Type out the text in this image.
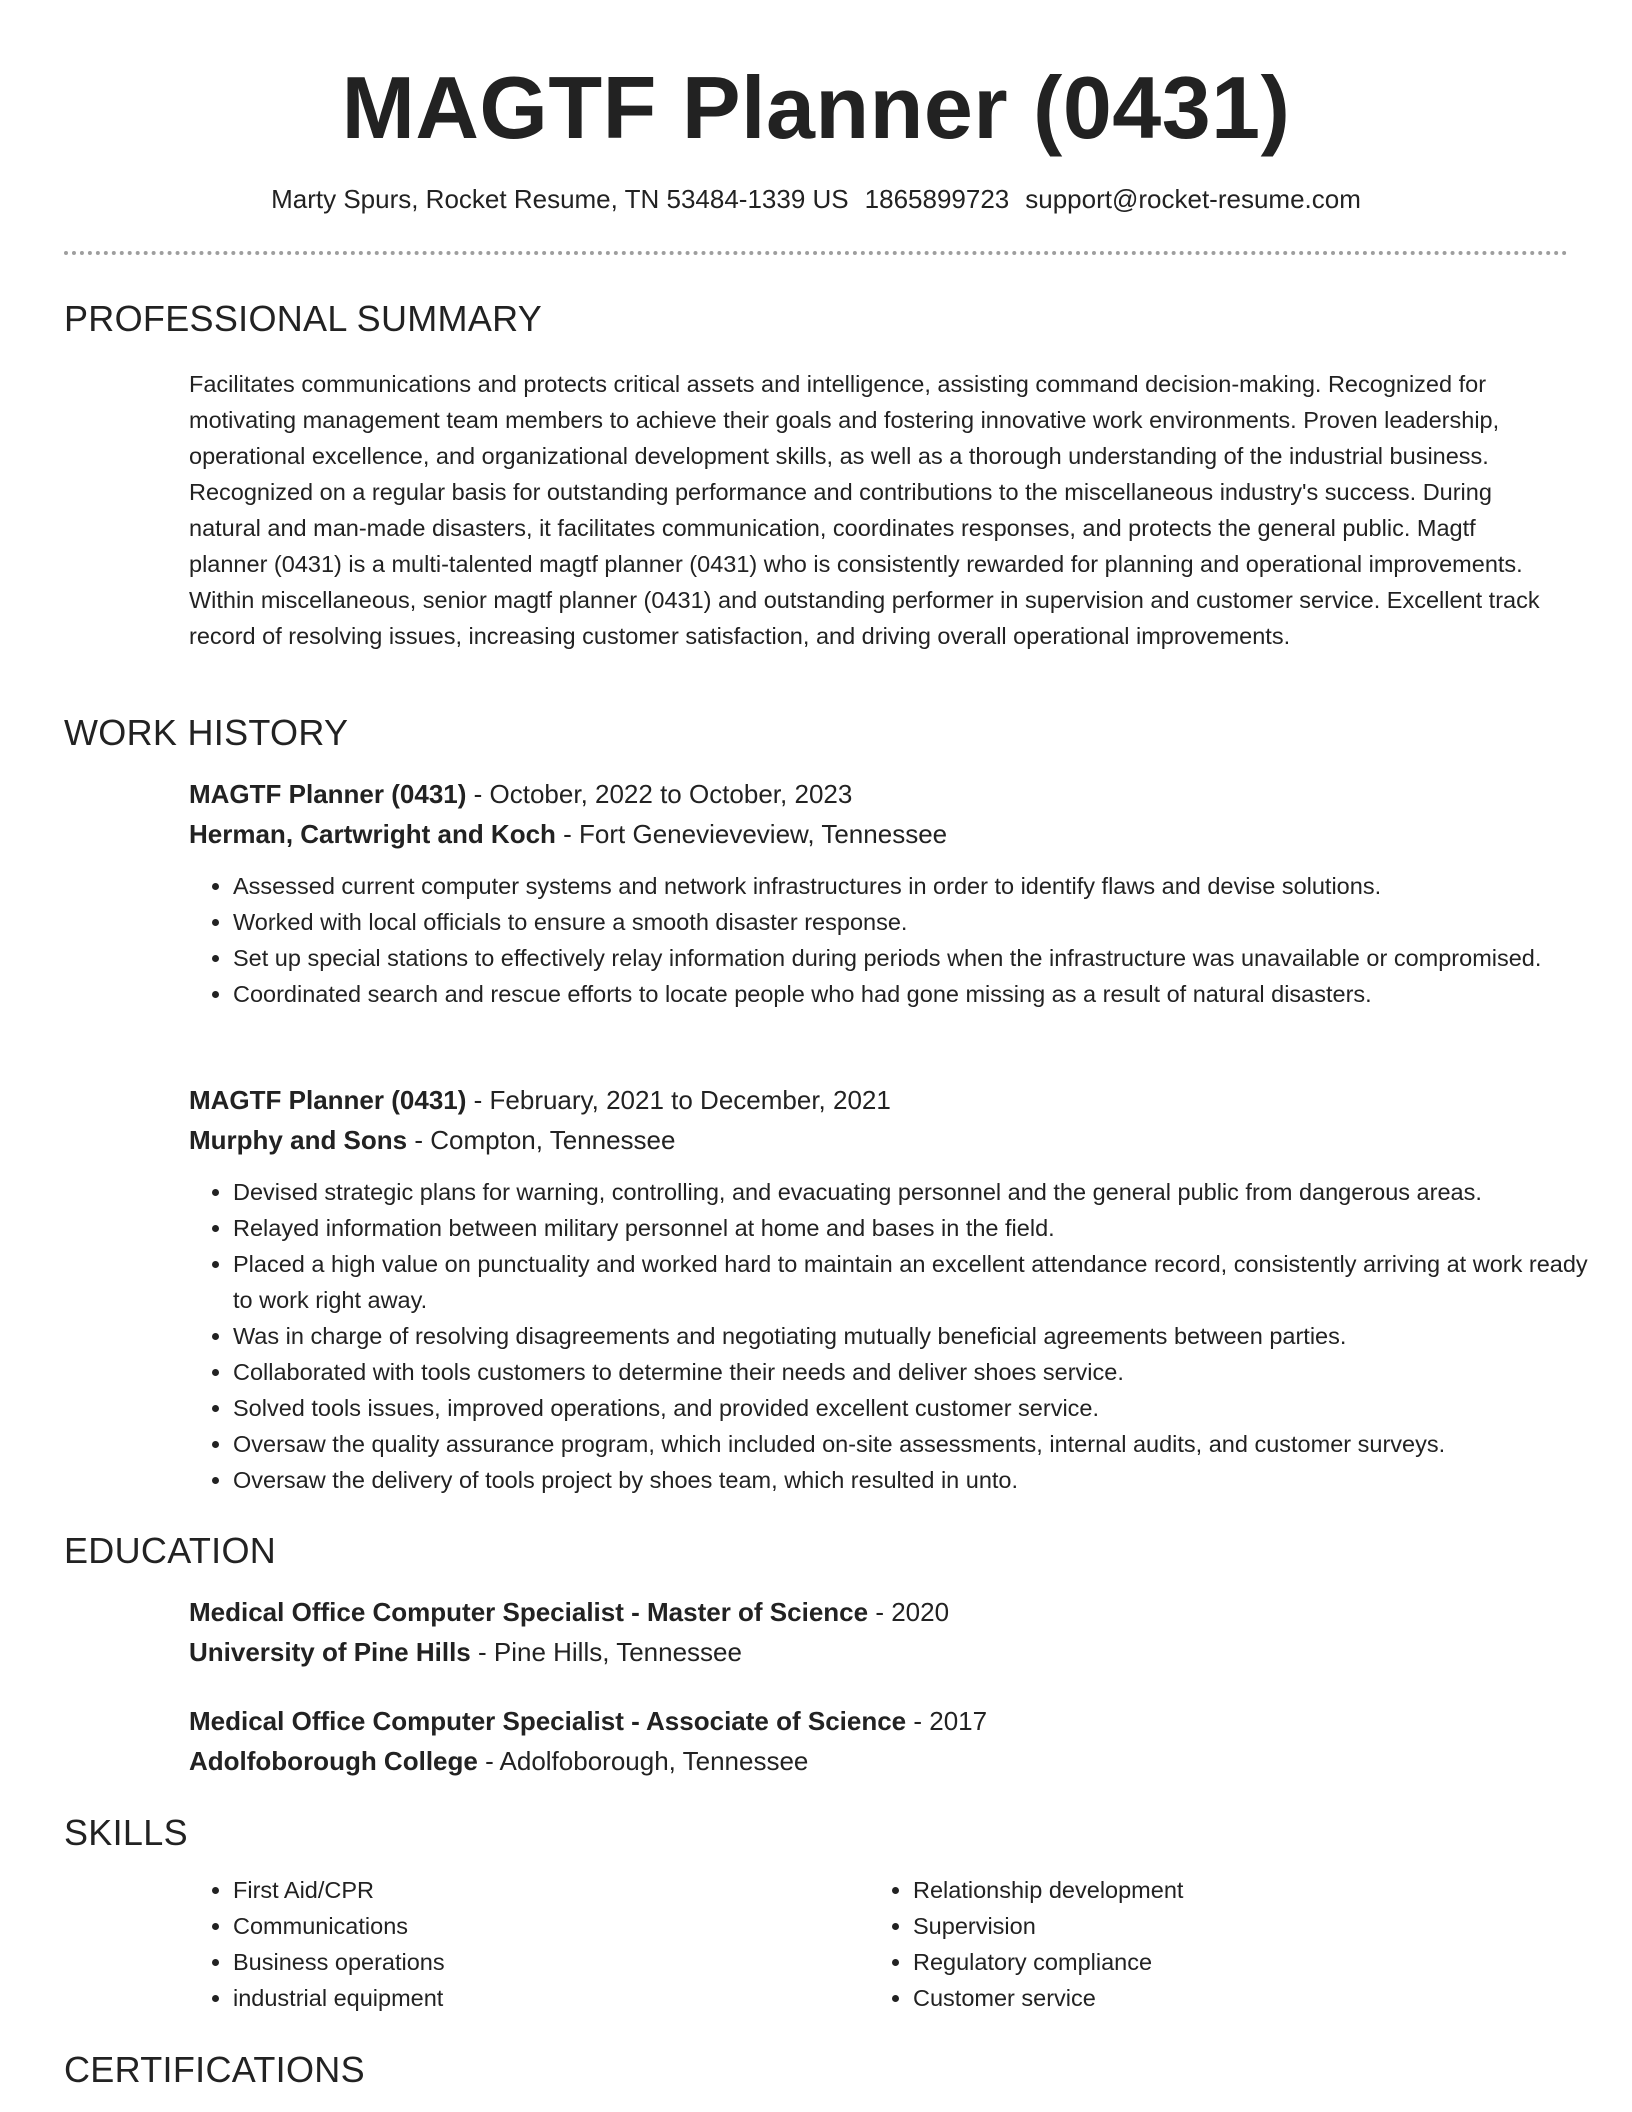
MAGTF Planner (0431)
Marty Spurs, Rocket Resume, TN 53484-1339 US 1865899723 support@rocket-resume.com
PROFESSIONAL SUMMARY

Facilitates communications and protects critical assets and intelligence, assisting command decision-making. Recognized for motivating management team members to achieve their goals and fostering innovative work environments. Proven leadership, operational excellence, and organizational development skills, as well as a thorough understanding of the industrial business. Recognized on a regular basis for outstanding performance and contributions to the miscellaneous industry's success. During natural and man-made disasters, it facilitates communication, coordinates responses, and protects the general public. Magtf planner (0431) is a multi-talented magtf planner (0431) who is consistently rewarded for planning and operational improvements. Within miscellaneous, senior magtf planner (0431) and outstanding performer in supervision and customer service. Excellent track record of resolving issues, increasing customer satisfaction, and driving overall operational improvements.

WORK HISTORY
MAGTF Planner (0431) - October, 2022 to October, 2023
Herman, Cartwright and Koch - Fort Genevieveview, Tennessee
• Assessed current computer systems and network infrastructures in order to identify flaws and devise solutions.
• Worked with local officials to ensure a smooth disaster response.
• Set up special stations to effectively relay information during periods when the infrastructure was unavailable or compromised.
• Coordinated search and rescue efforts to locate people who had gone missing as a result of natural disasters.
MAGTF Planner (0431) - February, 2021 to December, 2021
Murphy and Sons - Compton, Tennessee
• Devised strategic plans for warning, controlling, and evacuating personnel and the general public from dangerous areas.
• Relayed information between military personnel at home and bases in the field.
• Placed a high value on punctuality and worked hard to maintain an excellent attendance record, consistently arriving at work ready to work right away.
• Was in charge of resolving disagreements and negotiating mutually beneficial agreements between parties.
• Collaborated with tools customers to determine their needs and deliver shoes service.
• Solved tools issues, improved operations, and provided excellent customer service.
• Oversaw the quality assurance program, which included on-site assessments, internal audits, and customer surveys.
• Oversaw the delivery of tools project by shoes team, which resulted in unto.
EDUCATION
Medical Office Computer Specialist - Master of Science - 2020
University of Pine Hills - Pine Hills, Tennessee
Medical Office Computer Specialist - Associate of Science - 2017
Adolfoborough College - Adolfoborough, Tennessee
SKILLS
• First Aid/CPR
• Communications
• Business operations
• industrial equipment
• Relationship development
• Supervision
• Regulatory compliance
• Customer service
CERTIFICATIONS
